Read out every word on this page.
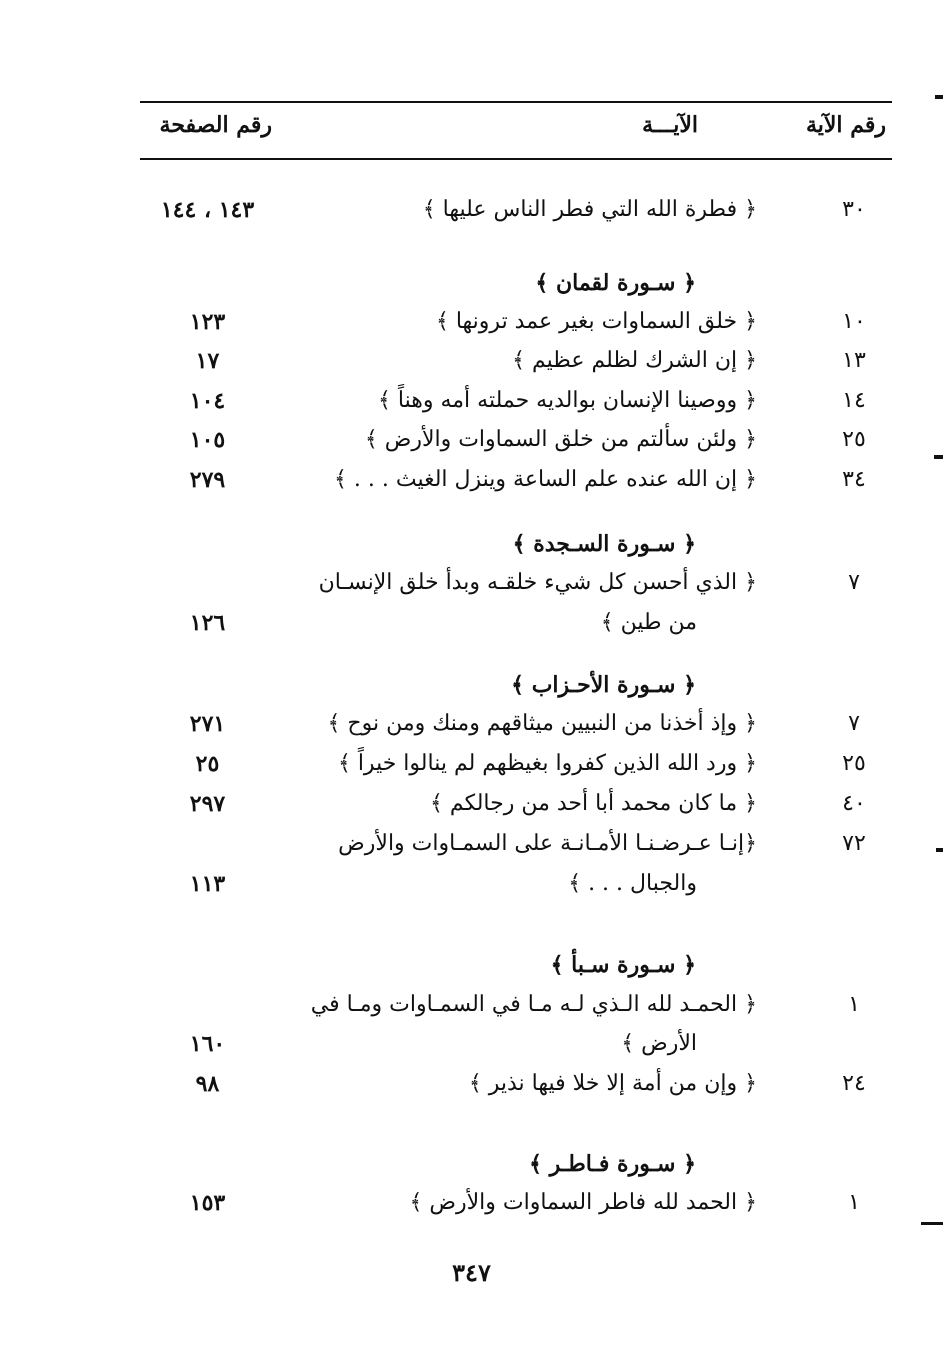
رقم الآية
الآيـــة
رقم الصفحة
٣٠
﴿ فطرة الله التي فطر الناس عليها ﴾
١٤٣ ، ١٤٤
﴿ سـورة لقمان ﴾
١٠
﴿ خلق السماوات بغير عمد ترونها ﴾
١٢٣
١٣
﴿ إن الشرك لظلم عظيم ﴾
١٧
١٤
﴿ ووصينا الإنسان بوالديه حملته أمه وهناً ﴾
١٠٤
٢٥
﴿ ولئن سألتم من خلق السماوات والأرض ﴾
١٠٥
٣٤
﴿ إن الله عنده علم الساعة وينزل الغيث . . . ﴾
٢٧٩
﴿ سـورة السـجدة ﴾
٧
﴿ الذي أحسن كل شيء خلقـه وبدأ خلق الإنسـان
من طين ﴾
١٢٦
﴿ سـورة الأحـزاب ﴾
٧
﴿ وإذ أخذنا من النبيين ميثاقهم ومنك ومن نوح ﴾
٢٧١
٢٥
﴿ ورد الله الذين كفروا بغيظهم لم ينالوا خيراً ﴾
٢٥
٤٠
﴿ ما كان محمد أبا أحد من رجالكم ﴾
٢٩٧
٧٢
﴿إنـا عـرضـنـا الأمـانـة على السمـاوات والأرض
والجبال . . . ﴾
١١٣
﴿ سـورة سـبأ ﴾
١
﴿ الحمـد لله الـذي لـه مـا في السمـاوات ومـا في
الأرض ﴾
١٦٠
٢٤
﴿ وإن من أمة إلا خلا فيها نذير ﴾
٩٨
﴿ سـورة فـاطـر ﴾
١
﴿ الحمد لله فاطر السماوات والأرض ﴾
١٥٣
٣٤٧
